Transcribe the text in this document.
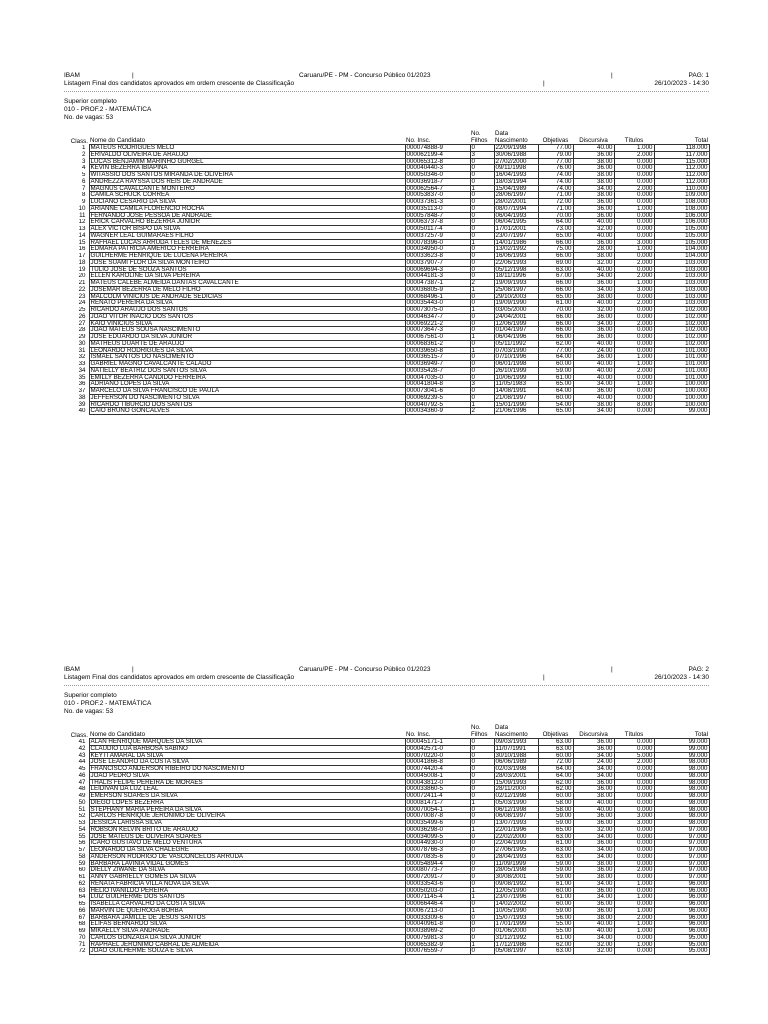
IBAM	|	Caruaru/PE - PM - Concurso Público 01/2023	|	PAG: 1
Listagem Final dos candidatos aprovados em ordem crescente de Classificação	|	26/10/2023 - 14:30
Superior completo
010 - PROF.2 - MATEMÁTICA
No. de vagas: 53
Class.	Nome do Candidato	No. Insc.	No. Filhos	Data Nascimento	Objetivas	Discursiva	Títulos	Total
1	MATEUS RODRIGUES MELO	000074888-9	0	22/09/1998	77.00	40.00	1.000	118.000
2	ERIVALDO OLIVEIRA DE ARAUJO	000062199-4	3	30/06/1988	79.00	36.00	2.000	117.000
3	LUCAS BENJAMIM MARINHO GURGEL	000065312-8	0	27/02/2000	77.00	38.00	0.000	115.000
4	KEVIN BEZERRA IBIAPINA	000040440-3	0	09/11/1998	76.00	36.00	0.000	112.000
5	WITASSIO DOS SANTOS MIRANDA DE OLIVEIRA	000050346-0	0	16/04/1993	74.00	38.00	0.000	112.000
6	ANDREZZA RAYSSA DOS REIS DE ANDRADE	000036918-7	0	18/03/1994	74.00	38.00	0.000	112.000
7	MAGNUS CAVALCANTE MONTEIRO	000062564-7	1	15/04/1989	74.00	34.00	2.000	110.000
8	CAMILA SCHUCK CORREA	000053837-0	0	28/06/1997	71.00	38.00	0.000	109.000
9	LUCIANO CESARIO DA SILVA	000037361-3	0	28/02/2001	72.00	36.00	0.000	108.000
10	ARIANNE CAMILA FLORENCIO ROCHA	000035113-0	0	08/07/1994	71.00	36.00	1.000	108.000
11	FERNANDO JOSE PESSOA DE ANDRADE	000057848-7	0	06/04/1993	70.00	36.00	0.000	106.000
12	ERICK CARVALHO BEZERRA JUNIOR	000063737-8	0	06/04/1995	64.00	40.00	0.000	106.000
13	ALEX VICTOR BISPO DA SILVA	000050117-4	0	17/01/2001	73.00	32.00	0.000	105.000
14	WAGNER LEAL GUIMARAES FILHO	000037257-9	0	23/07/1997	65.00	40.00	0.000	105.000
15	RAFHAEL LUCAS ARRUDA TELES DE MENEZES	000078396-0	1	14/01/1986	66.00	36.00	3.000	105.000
16	EDMARA PATRICIA AMERICO FERREIRA	000034950-0	0	13/02/1992	75.00	28.00	1.000	104.000
17	GUILHERME HENRIQUE DE LUCENA PEREIRA	000033623-8	0	16/06/1993	66.00	38.00	0.000	104.000
18	JOSE SUAMI FLOR DA SILVA MONTEIRO	000037907-7	0	22/06/1993	69.00	32.00	2.000	103.000
19	TULIO JOSE DE SOUZA SANTOS	000069694-3	0	05/12/1998	63.00	40.00	0.000	103.000
20	ELLEN KAROLINE DA SILVA PEREIRA	000044181-3	0	18/11/1996	67.00	34.00	2.000	103.000
21	MATEUS CALEBE ALMEIDA DANTAS CAVALCANTE	000047387-1	2	19/09/1993	66.00	36.00	1.000	103.000
22	JOSEMAR BEZERRA DE MELO FILHO	000036805-9	1	25/08/1997	66.00	34.00	3.000	103.000
23	MALCOLM VINICIUS DE ANDRADE SEDICIAS	000068496-1	0	29/10/2003	65.00	38.00	0.000	103.000
24	RENATO PEREIRA DA SILVA	000035443-0	0	19/09/1990	61.00	40.00	2.000	103.000
25	RICARDO ARAUJO DOS SANTOS	000073075-0	1	03/05/2000	70.00	32.00	0.000	102.000
26	JOAO VITOR INACIO DOS SANTOS	000046347-7	0	24/04/2001	66.00	36.00	0.000	102.000
27	KAIO VINICIUS SILVA	000069221-2	0	12/06/1999	66.00	34.00	2.000	102.000
28	JOAO MATEUS SOUSA NASCIMENTO	000073647-3	0	01/04/1997	66.00	36.00	0.000	102.000
29	JOSE EDUARDO DA SILVA JUNIOR	000067561-0	1	06/04/1996	66.00	36.00	0.000	102.000
30	MATHEUS DUARTE DE ARAUJO	000068361-2	0	05/11/1992	62.00	40.00	0.000	102.000
31	LEONARDO RODRIGUES DA SILVA	000039650-8	1	07/03/1990	77.00	24.00	0.000	101.000
32	ISMAEL SANTOS DO NASCIMENTO	000036515-7	0	07/10/1996	64.00	36.00	1.000	101.000
33	GABRIEL MAGNO CAVALCANTE CALADO	000036949-7	0	06/01/1998	60.00	40.00	1.000	101.000
34	NATIELLY BEATRIZ DOS SANTOS SILVA	000035428-7	0	26/10/1999	59.00	40.00	2.000	101.000
35	EMILLY BEZERRA CANDIDO FERREIRA	000047035-0	0	10/06/1999	61.00	40.00	0.000	101.000
36	ADRIANO LOPES DA SILVA	000041804-8	3	11/05/1983	65.00	34.00	1.000	100.000
37	MARCELO DA SILVA FRANCISCO DE PAULA	000073041-6	0	14/08/1991	64.00	36.00	0.000	100.000
38	JEFFERSON DO NASCIMENTO SILVA	000069239-5	0	21/08/1997	60.00	40.00	0.000	100.000
39	RICARDO TIBURCIO DOS SANTOS	000040792-5	1	15/01/1990	54.00	38.00	8.000	100.000
40	CAIO BRUNO GONCALVES	000034360-9	2	21/06/1996	65.00	34.00	0.000	99.000
IBAM	|	Caruaru/PE - PM - Concurso Público 01/2023	|	PAG: 2
Listagem Final dos candidatos aprovados em ordem crescente de Classificação	|	26/10/2023 - 14:30
Superior completo
010 - PROF.2 - MATEMÁTICA
No. de vagas: 53
Class.	Nome do Candidato	No. Insc.	No. Filhos	Data Nascimento	Objetivas	Discursiva	Títulos	Total
41	ALAN HENRIQUE MARQUES DA SILVA	000045171-1	0	09/03/1993	63.00	36.00	0.000	99.000
42	CLAUDIO LUA BARBOSA SABINO	000042571-0	0	11/07/1991	63.00	36.00	0.000	99.000
43	KEYTI AMARAL DA SILVA	000070220-0	0	30/10/1988	60.00	34.00	5.000	99.000
44	JOSE LEANDRO DA COSTA SILVA	000041866-8	0	06/06/1989	72.00	24.00	2.000	98.000
45	FRANCISCO ANDERSON RIBEIRO DO NASCIMENTO	000074420-4	0	02/03/1998	64.00	34.00	0.000	98.000
46	JOAO PEDRO SILVA	000045008-1	0	28/03/2001	64.00	34.00	0.000	98.000
47	THALIS FELIPE PEREIRA DE MORAES	000043812-0	0	15/09/1993	62.00	36.00	0.000	98.000
48	LEIDIVAN DA LUZ LEAL	000033860-5	0	28/11/2000	62.00	36.00	0.000	98.000
49	EMERSON SOARES DA SILVA	000072411-4	0	02/12/1998	60.00	38.00	0.000	98.000
50	DIEGO LOPES BEZERRA	000081471-7	1	05/03/1990	58.00	40.00	0.000	98.000
51	STEPHANY MARIA PEREIRA DA SILVA	000070054-1	0	06/12/1998	58.00	40.00	0.000	98.000
52	CARLOS HENRIQUE JERONIMO DE OLIVEIRA	000070087-8	0	06/08/1997	59.00	36.00	3.000	98.000
53	JESSICA LARISSA SILVA	000035499-6	0	13/07/1993	59.00	36.00	3.000	98.000
54	ROBSON KELVIN BRITO DE ARAUJO	000036298-0	1	22/01/1996	65.00	32.00	0.000	97.000
55	JOSE MATEUS DE OLIVEIRA SOARES	000034099-5	0	22/02/2000	63.00	34.00	0.000	97.000
56	ICARO GUSTAVO DE MELO VENTURA	000044930-0	0	22/04/1993	61.00	36.00	0.000	97.000
57	LEONARDO DA SILVA CHALEGRE	000078766-3	0	27/06/1995	63.00	34.00	0.000	97.000
58	ANDERSON RODRIGO DE VASCONCELOS ARRUDA	000070835-6	0	28/04/1993	63.00	34.00	0.000	97.000
59	BARBARA LAVINIA VIDAL GOMES	000054894-4	0	11/09/1999	59.00	38.00	0.000	97.000
60	DIELLY ZIWANE DA SILVA	000080773-7	0	28/05/1998	59.00	36.00	2.000	97.000
61	ANNY GABRIELLY GOMES DA SILVA	000072091-7	0	30/08/2001	59.00	38.00	0.000	97.000
62	RENATA FABRICIA VILLA NOVA DA SILVA	000033543-6	0	09/08/1992	61.00	34.00	1.000	96.000
63	HELIO IVANILDO PEREIRA	000050203-0	1	12/05/1990	60.00	36.00	0.000	96.000
64	LUIZ GUILHERME DOS SANTOS	000071145-4	1	23/07/1996	61.00	34.00	1.000	96.000
65	ISABELLA CARVALHO DA COSTA SILVA	000066446-4	0	14/02/2002	60.00	36.00	0.000	96.000
66	MARVIN DE QUEIROGA BORBA	000067213-0	1	10/05/1990	59.00	36.00	1.000	96.000
67	BARBARA JAMILLE DE JESUS SANTOS	000033309-6	0	15/07/1993	56.00	38.00	2.000	96.000
68	ELIFAS BERNARDO SILVA	000040961-8	0	17/01/1999	55.00	40.00	1.000	96.000
69	MIKAELLY SILVA ANDRADE	000038969-2	0	01/06/2000	55.00	40.00	1.000	96.000
70	CARLOS GONZAGA DA SILVA JUNIOR	000075981-3	0	31/12/1992	61.00	34.00	0.000	95.000
71	RAPHAEL JERONIMO CABRAL DE ALMEIDA	000065382-9	1	17/12/1986	62.00	32.00	1.000	95.000
72	JOAO GUILHERME SOUZA E SILVA	000076559-7	0	05/08/1997	63.00	32.00	0.000	95.000
